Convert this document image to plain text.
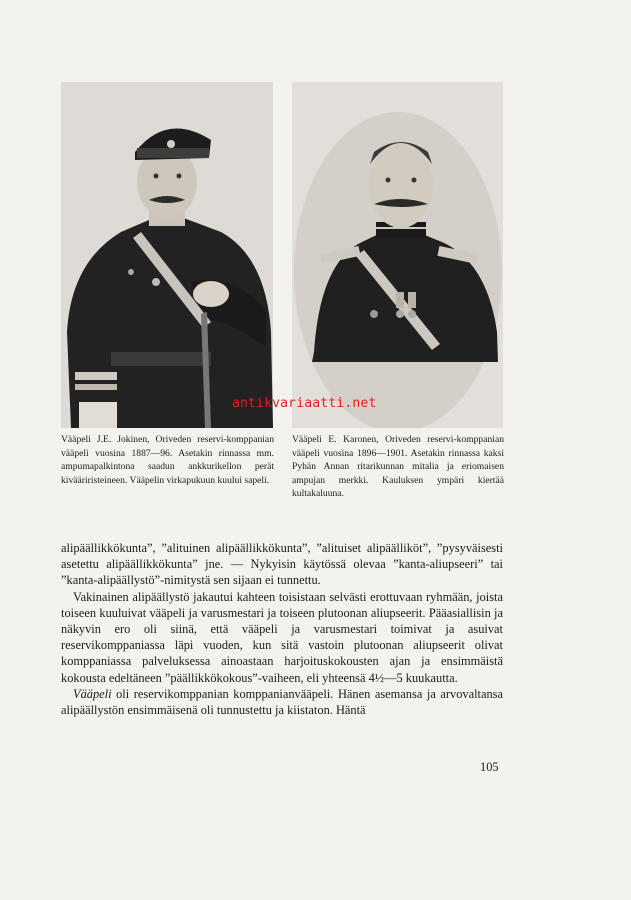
antikvariaatti.net
Vääpeli J.E. Jokinen, Oriveden reservi-komppanian vääpeli vuosina 1887—96. Asetakin rinnassa mm. ampumapalkintona saadun ankkurikellon perät kivääriristeineen. Vääpelin virkapukuun kuului sapeli.
Vääpeli E. Karonen, Oriveden reservi-komppanian vääpeli vuosina 1896—1901. Asetakin rinnassa kaksi Pyhän Annan ritarikunnan mitalia ja eriomaisen ampujan merkki. Kauluksen ympäri kiertää kultakaluuna.

alipäällikkökunta”, ”alituinen alipäällikkökunta”, ”alituiset alipäälliköt”, ”pysyväisesti asetettu alipäällikkökunta” jne. — Nykyisin käytössä olevaa ”kanta-aliupseeri” tai ”kanta-alipäällystö”-nimitystä sen sijaan ei tunnettu.

Vakinainen alipäällystö jakautui kahteen toisistaan selvästi erottuvaan ryhmään, joista toiseen kuuluivat vääpeli ja varusmestari ja toiseen plutoonan aliupseerit. Pääasiallisin ja näkyvin ero oli siinä, että vääpeli ja varusmestari toimivat ja asuivat reservikomppaniassa läpi vuoden, kun sitä vastoin plutoonan aliupseerit olivat komppaniassa palveluksessa ainoastaan harjoituskokousten ajan ja ensimmäistä kokousta edeltäneen ”päällikkökokous”-vaiheen, eli yhteensä 4½—5 kuukautta.

Vääpeli oli reservikomppanian komppanianvääpeli. Hänen asemansa ja arvovaltansa alipäällystön ensimmäisenä oli tunnustettu ja kiistaton. Häntä

105
